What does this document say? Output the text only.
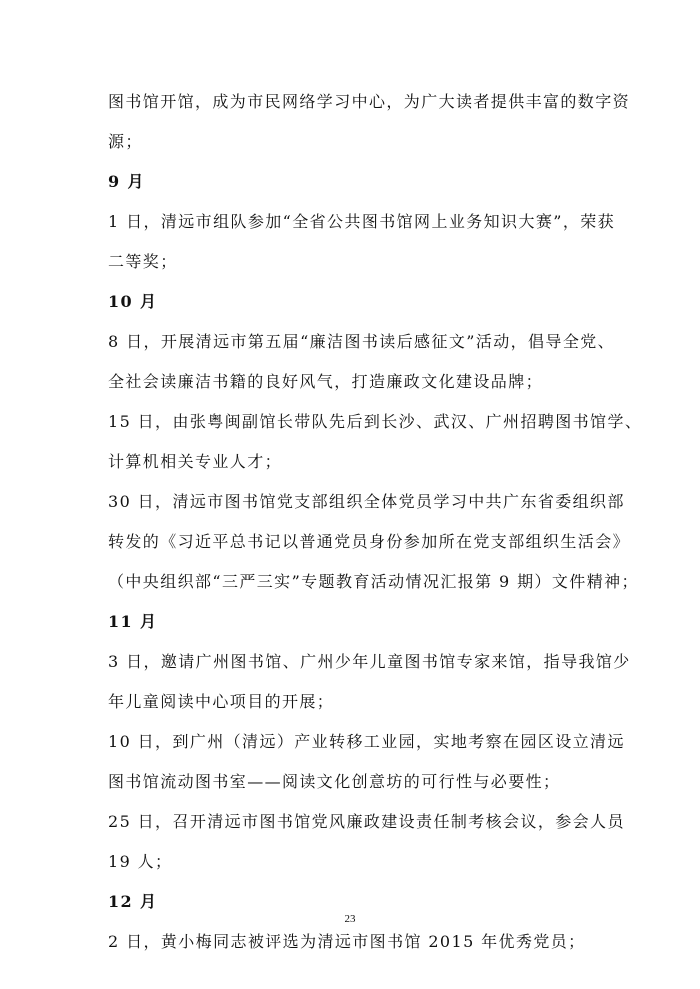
图书馆开馆，成为市民网络学习中心，为广大读者提供丰富的数字资
源；
9 月
1 日，清远市组队参加“全省公共图书馆网上业务知识大赛”，荣获
二等奖；
10 月
8 日，开展清远市第五届“廉洁图书读后感征文”活动，倡导全党、
全社会读廉洁书籍的良好风气，打造廉政文化建设品牌；
15 日，由张粤闽副馆长带队先后到长沙、武汉、广州招聘图书馆学、
计算机相关专业人才；
30 日，清远市图书馆党支部组织全体党员学习中共广东省委组织部
转发的《习近平总书记以普通党员身份参加所在党支部组织生活会》
（中央组织部“三严三实”专题教育活动情况汇报第 9 期）文件精神；
11 月
3 日，邀请广州图书馆、广州少年儿童图书馆专家来馆，指导我馆少
年儿童阅读中心项目的开展；
10 日，到广州（清远）产业转移工业园，实地考察在园区设立清远
图书馆流动图书室——阅读文化创意坊的可行性与必要性；
25 日，召开清远市图书馆党风廉政建设责任制考核会议，参会人员
19 人；
12 月
2 日，黄小梅同志被评选为清远市图书馆 2015 年优秀党员；
23
